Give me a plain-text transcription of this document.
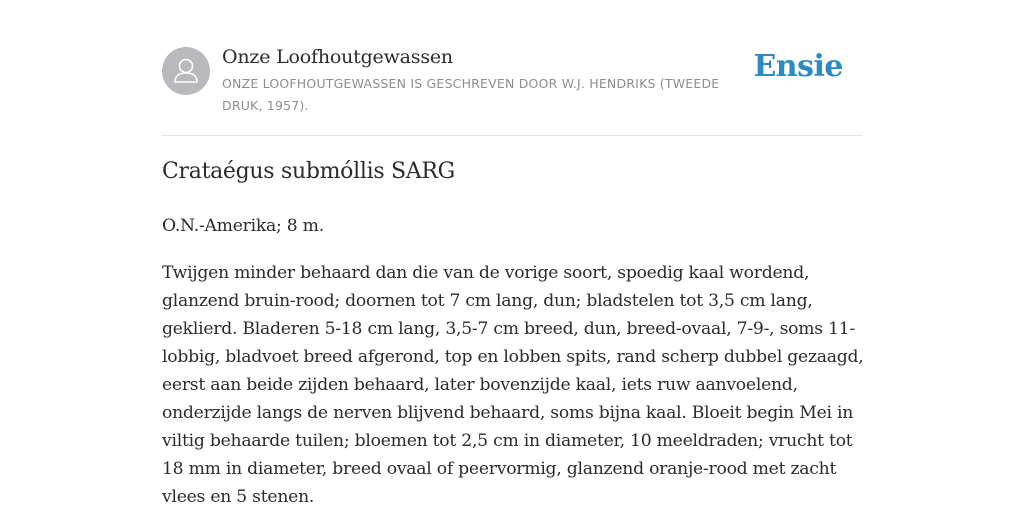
Onze Loofhoutgewassen
ONZE LOOFHOUTGEWASSEN IS GESCHREVEN DOOR W.J. HENDRIKS (TWEEDE DRUK, 1957).
Ensie
Crataégus submóllis SARG

O.N.-Amerika; 8 m.

Twijgen minder behaard dan die van de vorige soort, spoedig kaal wordend, glanzend bruin-rood; doornen tot 7 cm lang, dun; bladstelen tot 3,5 cm lang, geklierd. Bladeren 5-18 cm lang, 3,5-7 cm breed, dun, breed-ovaal, 7-9-, soms 11-lobbig, bladvoet breed afgerond, top en lobben spits, rand scherp dubbel gezaagd, eerst aan beide zijden behaard, later bovenzijde kaal, iets ruw aanvoelend, onderzijde langs de nerven blijvend behaard, soms bijna kaal. Bloeit begin Mei in viltig behaarde tuilen; bloemen tot 2,5 cm in diameter, 10 meeldraden; vrucht tot 18 mm in diameter, breed ovaal of peervormig, glanzend oranje-rood met zacht vlees en 5 stenen.
